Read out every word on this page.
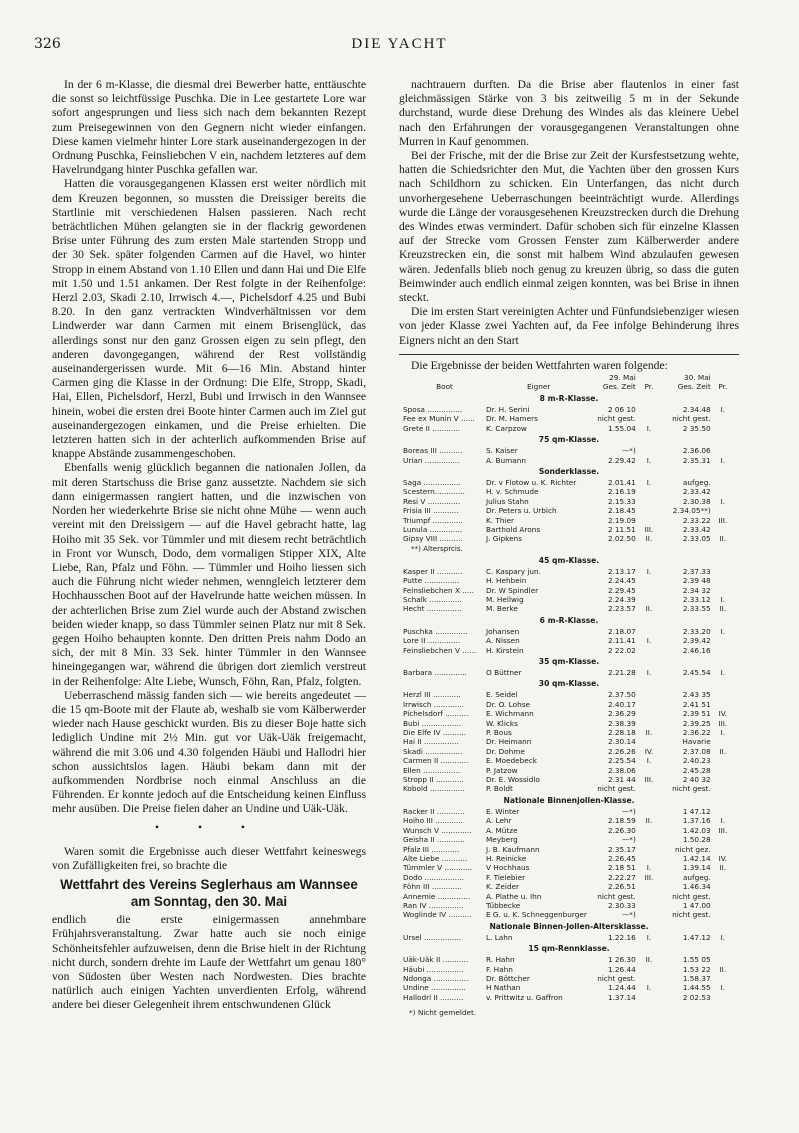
326	DIE YACHT

In der 6 m-Klasse, die diesmal drei Bewerber hatte, enttäuschte die sonst so leichtfüssige Puschka. Die in Lee gestartete Lore war sofort angesprungen und liess sich nach dem bekannten Rezept zum Preisegewinnen von den Gegnern nicht wieder einfangen. Diese kamen vielmehr hinter Lore stark auseinandergezogen in der Ordnung Puschka, Feinsliebchen V ein, nachdem letzteres auf dem Havelrundgang hinter Puschka gefallen war.

Hatten die vorausgegangenen Klassen erst weiter nördlich mit dem Kreuzen begonnen, so mussten die Dreissiger bereits die Startlinie mit verschiedenen Halsen passieren. Nach recht beträchtlichen Mühen gelangten sie in der flackrig gewordenen Brise unter Führung des zum ersten Male startenden Stropp und der 30 Sek. später folgenden Carmen auf die Havel, wo hinter Stropp in einem Abstand von 1.10 Ellen und dann Hai und Die Elfe mit 1.50 und 1.51 ankamen. Der Rest folgte in der Reihenfolge: Herzl 2.03, Skadi 2.10, Irrwisch 4.—, Pichelsdorf 4.25 und Bubi 8.20. In den ganz vertrackten Windverhältnissen vor dem Lindwerder war dann Carmen mit einem Brisenglück, das allerdings sonst nur den ganz Grossen eigen zu sein pflegt, den anderen davongegangen, während der Rest vollständig auseinandergerissen wurde. Mit 6—16 Min. Abstand hinter Carmen ging die Klasse in der Ordnung: Die Elfe, Stropp, Skadi, Hai, Ellen, Pichelsdorf, Herzl, Bubi und Irrwisch in den Wannsee hinein, wobei die ersten drei Boote hinter Carmen auch im Ziel gut auseinandergezogen einkamen, und die Preise erhielten. Die letzteren hatten sich in der achterlich aufkommenden Brise auf knappe Abstände zusammengeschoben.

Ebenfalls wenig glücklich begannen die nationalen Jollen, da mit deren Startschuss die Brise ganz aussetzte. Nachdem sie sich dann einigermassen rangiert hatten, und die inzwischen von Norden her wiederkehrte Brise sie nicht ohne Mühe — wenn auch vereint mit den Dreissigern — auf die Havel gebracht hatte, lag Hoiho mit 35 Sek. vor Tümmler und mit diesem recht beträchtlich in Front vor Wunsch, Dodo, dem vormaligen Stipper XIX, Alte Liebe, Ran, Pfalz und Föhn. — Tümmler und Hoiho liessen sich auch die Führung nicht wieder nehmen, wenngleich letzterer dem Hochhausschen Boot auf der Havelrunde hatte weichen müssen. In der achterlichen Brise zum Ziel wurde auch der Abstand zwischen beiden wieder knapp, so dass Tümmler seinen Platz nur mit 8 Sek. gegen Hoiho behaupten konnte. Den dritten Preis nahm Dodo an sich, der mit 8 Min. 33 Sek. hinter Tümmler in den Wannsee hineingegangen war, während die übrigen dort ziemlich verstreut in der Reihenfolge: Alte Liebe, Wunsch, Föhn, Ran, Pfalz, folgten.

Ueberraschend mässig fanden sich — wie bereits angedeutet — die 15 qm-Boote mit der Flaute ab, weshalb sie vom Kälberwerder wieder nach Hause geschickt wurden. Bis zu dieser Boje hatte sich lediglich Undine mit 2½ Min. gut vor Uäk-Uäk freigemacht, während die mit 3.06 und 4.30 folgenden Häubi und Hallodri hier schon aussichtslos lagen. Häubi bekam dann mit der aufkommenden Nordbrise noch einmal Anschluss an die Führenden. Er konnte jedoch auf die Entscheidung keinen Einfluss mehr ausüben. Die Preise fielen daher an Undine und Uäk-Uäk.

• • •

Waren somit die Ergebnisse auch dieser Wettfahrt keineswegs von Zufälligkeiten frei, so brachte die

Wettfahrt des Vereins Seglerhaus am Wannsee am Sonntag, den 30. Mai

endlich die erste einigermassen annehmbare Frühjahrsveranstaltung. Zwar hatte auch sie noch einige Schönheitsfehler aufzuweisen, denn die Brise hielt in der Richtung nicht durch, sondern drehte im Laufe der Wettfahrt um genau 180° von Südosten über Westen nach Nordwesten. Dies brachte natürlich auch einigen Yachten unverdienten Erfolg, während andere bei dieser Gelegenheit ihrem entschwundenen Glück

nachtrauern durften. Da die Brise aber flautenlos in einer fast gleichmässigen Stärke von 3 bis zeitweilig 5 m in der Sekunde durchstand, wurde diese Drehung des Windes als das kleinere Uebel nach den Erfahrungen der vorausgegangenen Veranstaltungen ohne Murren in Kauf genommen.

Bei der Frische, mit der die Brise zur Zeit der Kursfestsetzung wehte, hatten die Schiedsrichter den Mut, die Yachten über den grossen Kurs nach Schildhorn zu schicken. Ein Unterfangen, das nicht durch unvorhergesehene Ueberraschungen beeinträchtigt wurde. Allerdings wurde die Länge der vorausgesehenen Kreuzstrecken durch die Drehung des Windes etwas vermindert. Dafür schoben sich für einzelne Klassen auf der Strecke vom Grossen Fenster zum Kälberwerder andere Kreuzstrecken ein, die sonst mit halbem Wind abzulaufen gewesen wären. Jedenfalls blieb noch genug zu kreuzen übrig, so dass die guten Beimwinder auch endlich einmal zeigen konnten, was bei Brise in ihnen steckt.

Die im ersten Start vereinigten Achter und Fünfundsiebenziger wiesen von jeder Klasse zwei Yachten auf, da Fee infolge Behinderung ihres Eigners nicht an den Start

Die Ergebnisse der beiden Wettfahrten waren folgende:

		29. Mai		30. Mai	
Boot	Eigner	Ges. Zeit	Pr.	Ges. Zeit	Pr.
8 m-R-Klasse.					
Sposa ...............	Dr. H. Serini	2 06 10		2.34.48	I.
Fee ex Munin V ......	Dr. M. Hamers	nicht gest.		nicht gest.	
Grete II ............	K. Carpzow	1.55.04	I.	2 35.50	
75 qm-Klasse.					
Boreas III ..........	S. Kaiser	—*)		2.36.06	
Urian ...............	A. Bumann	2.29.42	I.	2.35.31	I.
Sonderklasse.					
Saga ................	Dr. v Flotow u. K. Richter	2.01.41	I.	aufgeg.	
Scestern.............	H. v. Schmude	2.16.19		2.33.42	
Resi V ..............	Julius Stahn	2.15.33		2.30.38	I.
Frisia III ...........	Dr. Peters u. Urbich	2.18.45		2.34.05**)	
Triumpf .............	K. Thier	2.19.09		2.33.22	III.
Lunula ..............	Barthold Arons	2 11.51	III.	2.33.42	
Gipsy VIII ..........	J. Gipkens	2.02.50	II.	2.33.05	II.
**) Altersprcis.					
45 qm-Klasse.					
Kasper II ...........	C. Kaspary jun.	2.13.17	I.	2.37.33	
Putte ...............	H. Hehbein	2.24.45		2.39 48	
Feinsliebchen X .....	Dr. W Spindler	2.29.45		2.34 32	
Schalk ..............	M. Hellwig	2.24.39		2.33.12	I.
Hecht ...............	M. Berke	2.23.57	II.	2.33.55	II.
6 m-R-Klasse.					
Puschka ..............	Johansen	2.18.07		2.33.20	I.
Lore II ..............	A. Nissen	2.11.41	I.	2.39.42	
Feinsliebchen V ......	H. Kirstein	2 22.02		2.46.16	
35 qm-Klasse.					
Barbara ..............	O Büttner	2.21.28	I.	2.45.54	I.
30 qm-Klasse.					
Herzl III ............	E. Seidel	2.37.50		2.43 35	
Irrwisch .............	Dr. O. Lohse	2.40.17		2.41 51	
Pichelsdorf ..........	E. Wichmann	2.36.29		2.39 51	IV.
Bubi .................	W. Klicks	2.38.39		2.39.25	III.
Die Elfe IV ..........	P. Bous	2.28.18	II.	2.36.22	I.
Hai II ...............	Dr. Heimann	2.30.14		Havarie	
Skadi ................	Dr. Dohme	2.26.26	IV.	2.37.08	II.
Carmen II ............	E. Moedebeck	2.25.54	I.	2.40.23	
Ellen ................	P. Jatzow	2.38.06		2.45.28	
Stropp II ............	Dr. E. Wossidlo	2.31 44	III.	2 40 32	
Kobold ...............	P. Boldt	nicht gest.		nicht gest.	
Nationale Binnenjollen-Klasse.					
Racker II ............	E. Winter	—*)		1 47.12	
Hoiho III ............	A. Lehr	2.18.59	II.	1.37.16	I.
Wunsch V .............	A. Mütze	2.26.30		1.42.03	III.
Geisha II ............	Meyberg	—*)		1.50.28	
Pfalz III ............	J. B. Kaufmann	2.35.17		nicht gez.	
Alte Liebe ...........	H. Reinicke	2.26.45		1.42.14	IV.
Tümmler V ............	V Hochhaus	2.18 51	I.	1.39.14	II.
Dodo .................	F. Tielebier	2.22.27	III.	aufgeg.	
Föhn III .............	K. Zeider	2.26.51		1.46.34	
Annemie ..............	A. Plathe u. Ihn	nicht gest.		nicht gest.	
Ran IV ...............	Tübbecke	2.30.33		1 47.00	
Woglinde IV ..........	E G. u. K. Schneggenburger	—*)		nicht gest.	
Nationale Binnen-Jollen-Altersklasse.					
Ursel ................	L. Lahn	1.22.16	I.	1.47.12	I.
15 qm-Rennklasse.					
Uäk-Uäk II ...........	R. Hahn	1 26.30	II.	1.55 05	
Häubi ................	F. Hahn	1.26.44		1.53 22	II.
Ndonga ...............	Dr. Böttcher	nicht gest.		1.58.37	
Undine ...............	H Nathan	1.24.44	I.	1.44.55	I.
Hallodri II ..........	v. Prittwitz u. Gaffron	1.37.14		2 02.53	
*) Nicht gemeldet.
